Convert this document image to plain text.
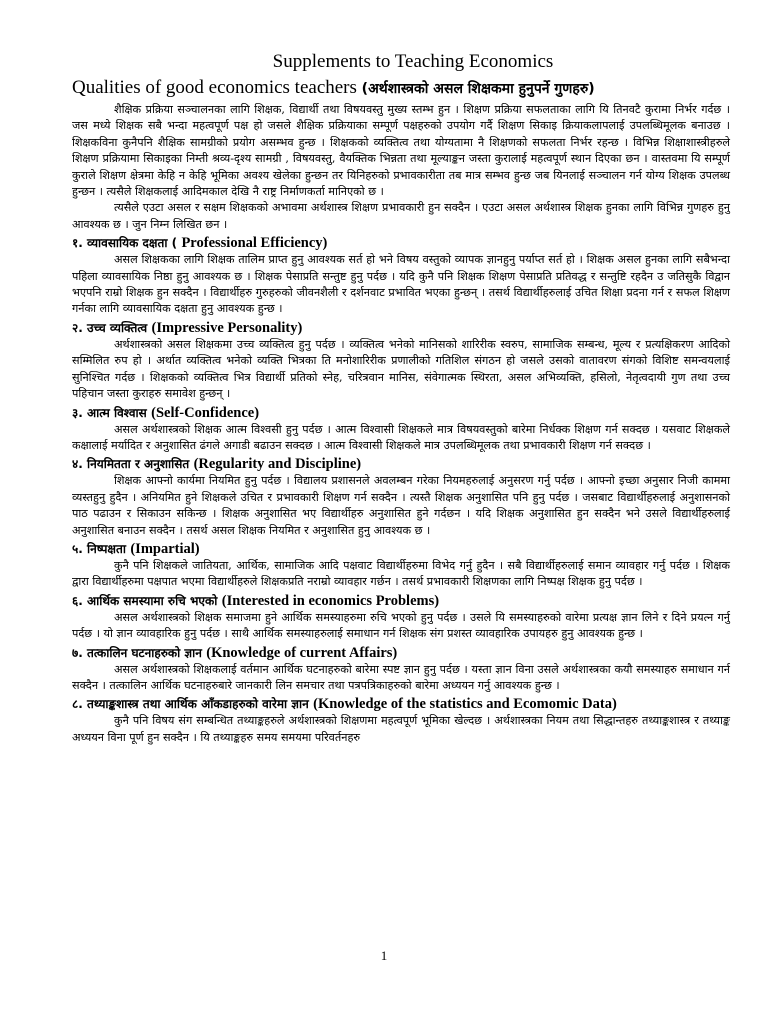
Supplements to Teaching Economics
Qualities of good economics teachers (अर्थशास्त्रको असल शिक्षकमा हुनुपर्ने गुणहरु)

शैक्षिक प्रक्रिया सञ्चालनका लागि शिक्षक, विद्यार्थी तथा विषयवस्तु मुख्य स्तम्भ हुन । शिक्षण प्रक्रिया सफलताका लागि यि तिनवटै कुरामा निर्भर गर्दछ । जस मध्ये शिक्षक सबै भन्दा महत्वपूर्ण पक्ष हो जसले शैक्षिक प्रक्रियाका सम्पूर्ण पक्षहरुको उपयोग गर्दै शिक्षण सिकाइ क्रियाकलापलाई उपलब्धिमूलक बनाउछ । शिक्षकविना कुनैपनि शैक्षिक सामग्रीको प्रयोग असम्भव हुन्छ । शिक्षकको व्यक्तित्व तथा योग्यतामा नै शिक्षणको सफलता निर्भर रहन्छ । विभिन्न शिक्षाशास्त्रीहरुले शिक्षण प्रक्रियामा सिकाइका निम्ती श्रव्य-दृश्य सामग्री , विषयवस्तु, वैयक्तिक भिन्नता तथा मूल्याङ्कन जस्ता कुरालाई महत्वपूर्ण स्थान दिएका छन । वास्तवमा यि सम्पूर्ण कुराले शिक्षण क्षेत्रमा केहि न केहि भूमिका अवश्य खेलेका हुन्छन तर यिनिहरुको प्रभावकारीता तब मात्र सम्भव हुन्छ जब यिनलाई सञ्चालन गर्न योग्य शिक्षक उपलब्ध हुन्छन । त्यसैले शिक्षकलाई आदिमकाल देखि नै राष्ट्र निर्माणकर्ता मानिएको छ ।

त्यसैले एउटा असल र सक्षम शिक्षकको अभावमा अर्थशास्त्र शिक्षण प्रभावकारी हुन सक्दैन । एउटा असल अर्थशास्त्र शिक्षक हुनका लागि विभिन्न गुणहरु हुनु आवश्यक छ । जुन निम्न लिखित छन ।

१. व्यावसायिक दक्षता ( Professional Efficiency)

असल शिक्षकका लागि शिक्षक तालिम प्राप्त हुनु आवश्यक सर्त हो भने विषय वस्तुको व्यापक ज्ञानहुनु पर्याप्त सर्त हो । शिक्षक असल हुनका लागि सबैभन्दा पहिला व्यावसायिक निष्ठा हुनु आवश्यक छ । शिक्षक पेसाप्रति सन्तुष्ट हुनु पर्दछ । यदि कुनै पनि शिक्षक शिक्षण पेसाप्रति प्रतिवद्ध र सन्तुष्टि रहदैन उ जतिसुकै विद्वान भएपनि राम्रो शिक्षक हुन सक्दैन । विद्यार्थीहरु गुरुहरुको जीवनशैली र दर्शनवाट प्रभावित भएका हुन्छन् । तसर्थ विद्यार्थीहरुलाई उचित शिक्षा प्रदना गर्न र सफल शिक्षण गर्नका लागि व्यावसायिक दक्षता हुनु आवश्यक हुन्छ ।

२. उच्च व्यक्तित्व (Impressive Personality)

अर्थशास्त्रको असल शिक्षकमा उच्च व्यक्तित्व हुनु पर्दछ । व्यक्तित्व भनेको मानिसको शारिरीक स्वरुप, सामाजिक सम्बन्ध, मूल्य र प्रत्यक्षिकरण आदिको सम्मिलित रुप हो । अर्थात व्यक्तित्व भनेको व्यक्ति भित्रका ति मनोशारिरीक प्रणालीको गतिशिल संगठन हो जसले उसको वातावरण संगको विशिष्ट समन्वयलाई सुनिश्चित गर्दछ । शिक्षकको व्यक्तित्व भित्र विद्यार्थी प्रतिको स्नेह, चरित्रवान मानिस, संवेगात्मक स्थिरता, असल अभिव्यक्ति, हसिलो, नेतृत्वदायी गुण तथा उच्च पहिचान जस्ता कुराहरु समावेश हुन्छन् ।

३. आत्म विश्वास (Self-Confidence)

असल अर्थशास्त्रको शिक्षक आत्म विश्वसी हुनु पर्दछ । आत्म विश्वासी शिक्षकले मात्र विषयवस्तुको बारेमा निर्धक्क शिक्षण गर्न सक्दछ । यसवाट शिक्षकले कक्षालाई मर्यादित र अनुशासित ढंगले अगाडी बढाउन सक्दछ । आत्म विश्वासी शिक्षकले मात्र उपलब्धिमूलक तथा प्रभावकारी शिक्षण गर्न सक्दछ ।

४. नियमितता र अनुशासित (Regularity and Discipline)

शिक्षक आफ्नो कार्यमा नियमित हुनु पर्दछ । विद्यालय प्रशासनले अवलम्बन गरेका नियमहरुलाई अनुसरण गर्नु पर्दछ । आफ्नो इच्छा अनुसार निजी काममा व्यस्तहुनु हुदैन । अनियमित हुने शिक्षकले उचित र प्रभावकारी शिक्षण गर्न सक्दैन । त्यस्तै शिक्षक अनुशासित पनि हुनु पर्दछ । जसबाट विद्यार्थीहरुलाई अनुशासनको पाठ पढाउन र सिकाउन सकिन्छ । शिक्षक अनुशासित भए विद्यार्थीहरु अनुशासित हुने गर्दछन । यदि शिक्षक अनुशासित हुन सक्दैन भने उसले विद्यार्थीहरुलाई अनुशासित बनाउन सक्दैन । तसर्थ असल शिक्षक नियमित र अनुशासित हुनु आवश्यक छ ।

५. निष्पक्षता (Impartial)

कुनै पनि शिक्षकले जातियता, आर्थिक, सामाजिक आदि पक्षवाट विद्यार्थीहरुमा विभेद गर्नु हुदैन । सबै विद्यार्थीहरुलाई समान व्यावहार गर्नु पर्दछ । शिक्षक द्वारा विद्यार्थीहरुमा पक्षपात भएमा विद्यार्थीहरुले शिक्षकप्रति नराम्रो व्यावहार गर्छन । तसर्थ प्रभावकारी शिक्षणका लागि निष्पक्ष शिक्षक हुनु पर्दछ ।

६. आर्थिक समस्यामा रुचि भएको (Interested in economics Problems)

असल अर्थशास्त्रको शिक्षक समाजमा हुने आर्थिक समस्याहरुमा रुचि भएको हुनु पर्दछ । उसले यि समस्याहरुको वारेमा प्रत्यक्ष ज्ञान लिने र दिने प्रयत्न गर्नु पर्दछ । यो ज्ञान व्यावहारिक हुनु पर्दछ । साथै आर्थिक समस्याहरुलाई समाधान गर्न शिक्षक संग प्रशस्त व्यावहारिक उपायहरु हुनु आवश्यक हुन्छ ।

७. तत्कालिन घटनाहरुको ज्ञान (Knowledge of current Affairs)

असल अर्थशास्त्रको शिक्षकलाई वर्तमान आर्थिक घटनाहरुको बारेमा स्पष्ट ज्ञान हुनु पर्दछ । यस्ता ज्ञान विना उसले अर्थशास्त्रका कयौ समस्याहरु समाधान गर्न सक्दैन । तत्कालिन आर्थिक घटनाहरुबारे जानकारी लिन समचार तथा पत्रपत्रिकाहरुको बारेमा अध्ययन गर्नु आवश्यक हुन्छ ।

८. तथ्याङ्कशास्त्र तथा आर्थिक आँकडाहरुको वारेमा ज्ञान (Knowledge of the statistics and Ecomomic Data)

कुनै पनि विषय संग सम्बन्धित तथ्याङ्कहरुले अर्थशास्त्रको शिक्षणमा महत्वपूर्ण भूमिका खेल्दछ । अर्थशास्त्रका नियम तथा सिद्धान्तहरु तथ्याङ्कशास्त्र र तथ्याङ्क अध्ययन विना पूर्ण हुन सक्दैन । यि तथ्याङ्कहरु समय समयमा परिवर्तनहरु

1
